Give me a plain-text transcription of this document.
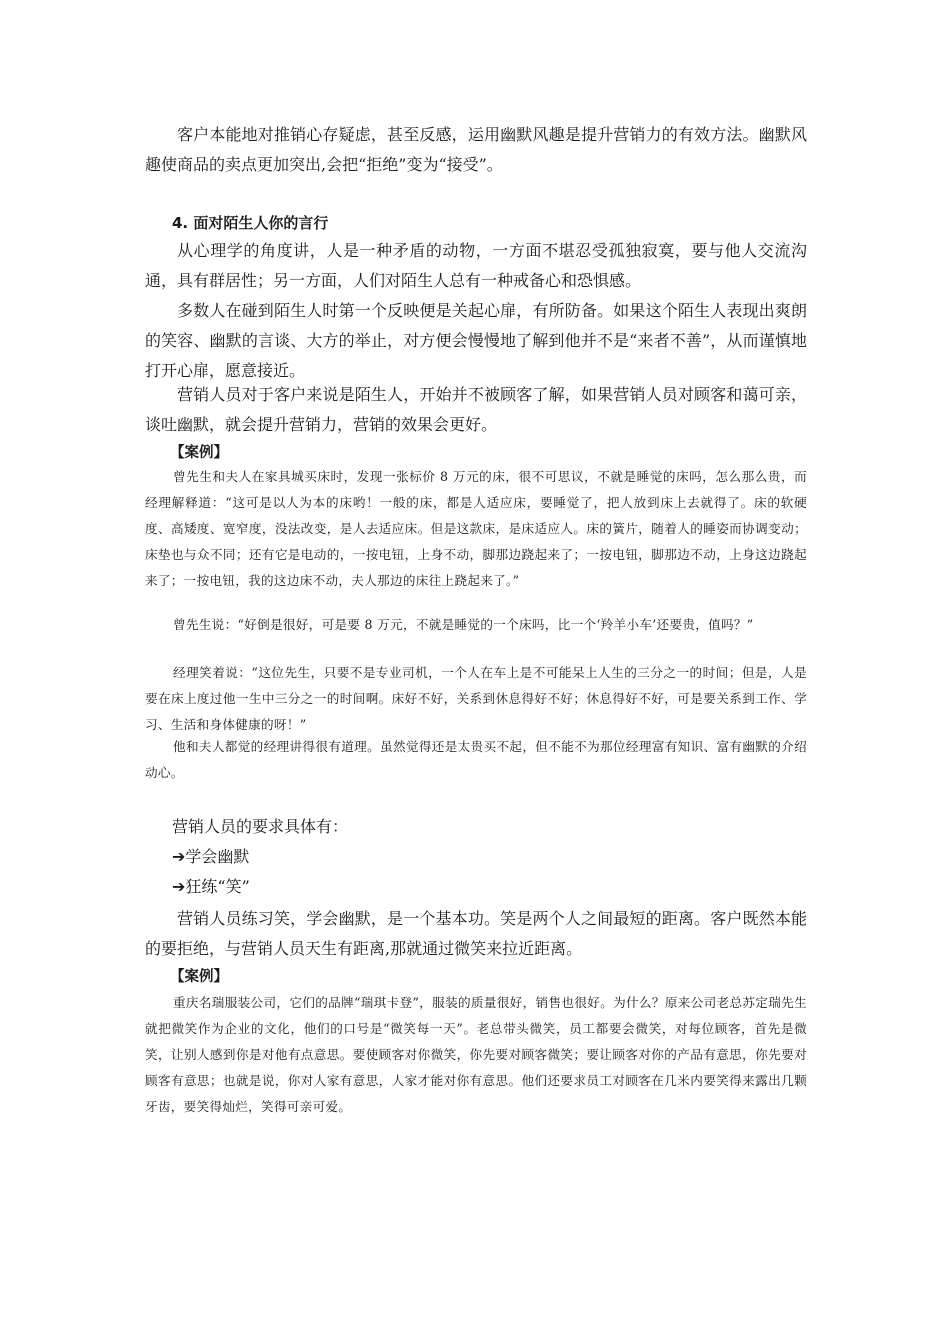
客户本能地对推销心存疑虑，甚至反感，运用幽默风趣是提升营销力的有效方法。幽默风趣使商品的卖点更加突出,会把“拒绝”变为“接受”。

4. 面对陌生人你的言行

从心理学的角度讲，人是一种矛盾的动物，一方面不堪忍受孤独寂寞，要与他人交流沟通，具有群居性；另一方面，人们对陌生人总有一种戒备心和恐惧感。

多数人在碰到陌生人时第一个反映便是关起心扉，有所防备。如果这个陌生人表现出爽朗的笑容、幽默的言谈、大方的举止，对方便会慢慢地了解到他并不是“来者不善”，从而谨慎地打开心扉，愿意接近。

营销人员对于客户来说是陌生人，开始并不被顾客了解，如果营销人员对顾客和蔼可亲，谈吐幽默，就会提升营销力，营销的效果会更好。

【案例】

曾先生和夫人在家具城买床时，发现一张标价 8 万元的床，很不可思议，不就是睡觉的床吗，怎么那么贵，而经理解释道：“这可是以人为本的床哟！一般的床，都是人适应床，要睡觉了，把人放到床上去就得了。床的软硬度、高矮度、宽窄度，没法改变，是人去适应床。但是这款床，是床适应人。床的簧片，随着人的睡姿而协调变动；床垫也与众不同；还有它是电动的，一按电钮，上身不动，脚那边跷起来了；一按电钮，脚那边不动，上身这边跷起来了；一按电钮，我的这边床不动，夫人那边的床往上跷起来了。”

曾先生说：“好倒是很好，可是要 8 万元，不就是睡觉的一个床吗，比一个‘羚羊小车’还要贵，值吗？”

经理笑着说：“这位先生，只要不是专业司机，一个人在车上是不可能呆上人生的三分之一的时间；但是，人是要在床上度过他一生中三分之一的时间啊。床好不好，关系到休息得好不好；休息得好不好，可是要关系到工作、学习、生活和身体健康的呀！”

他和夫人都觉的经理讲得很有道理。虽然觉得还是太贵买不起，但不能不为那位经理富有知识、富有幽默的介绍动心。

营销人员的要求具体有：

➔学会幽默

➔狂练“笑”

营销人员练习笑，学会幽默，是一个基本功。笑是两个人之间最短的距离。客户既然本能的要拒绝，与营销人员天生有距离,那就通过微笑来拉近距离。

【案例】

重庆名瑞服装公司，它们的品牌“瑞琪卡登”，服装的质量很好，销售也很好。为什么？原来公司老总苏定瑞先生就把微笑作为企业的文化，他们的口号是“微笑每一天”。老总带头微笑，员工都要会微笑，对每位顾客，首先是微笑，让别人感到你是对他有点意思。要使顾客对你微笑，你先要对顾客微笑；要让顾客对你的产品有意思，你先要对顾客有意思；也就是说，你对人家有意思，人家才能对你有意思。他们还要求员工对顾客在几米内要笑得来露出几颗牙齿，要笑得灿烂，笑得可亲可爱。
